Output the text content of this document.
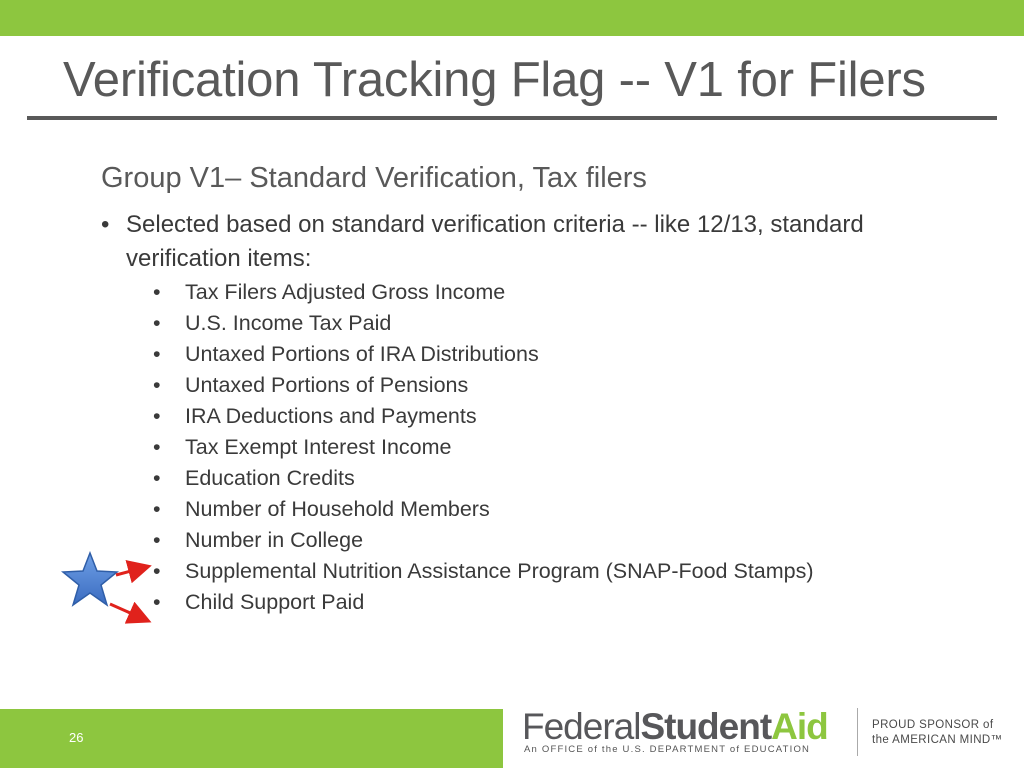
Verification Tracking Flag -- V1 for Filers
Group V1– Standard Verification, Tax filers
• Selected based on standard verification criteria -- like 12/13, standard verification items:
• Tax Filers Adjusted Gross Income
• U.S. Income Tax Paid
• Untaxed Portions of IRA Distributions
• Untaxed Portions of Pensions
• IRA Deductions and Payments
• Tax Exempt Interest Income
• Education Credits
• Number of Household Members
• Number in College
• Supplemental Nutrition Assistance Program (SNAP-Food Stamps)
• Child Support Paid
26	FederalStudentAid
An OFFICE of the U.S. DEPARTMENT of EDUCATION
PROUD SPONSOR of
the AMERICAN MIND™
